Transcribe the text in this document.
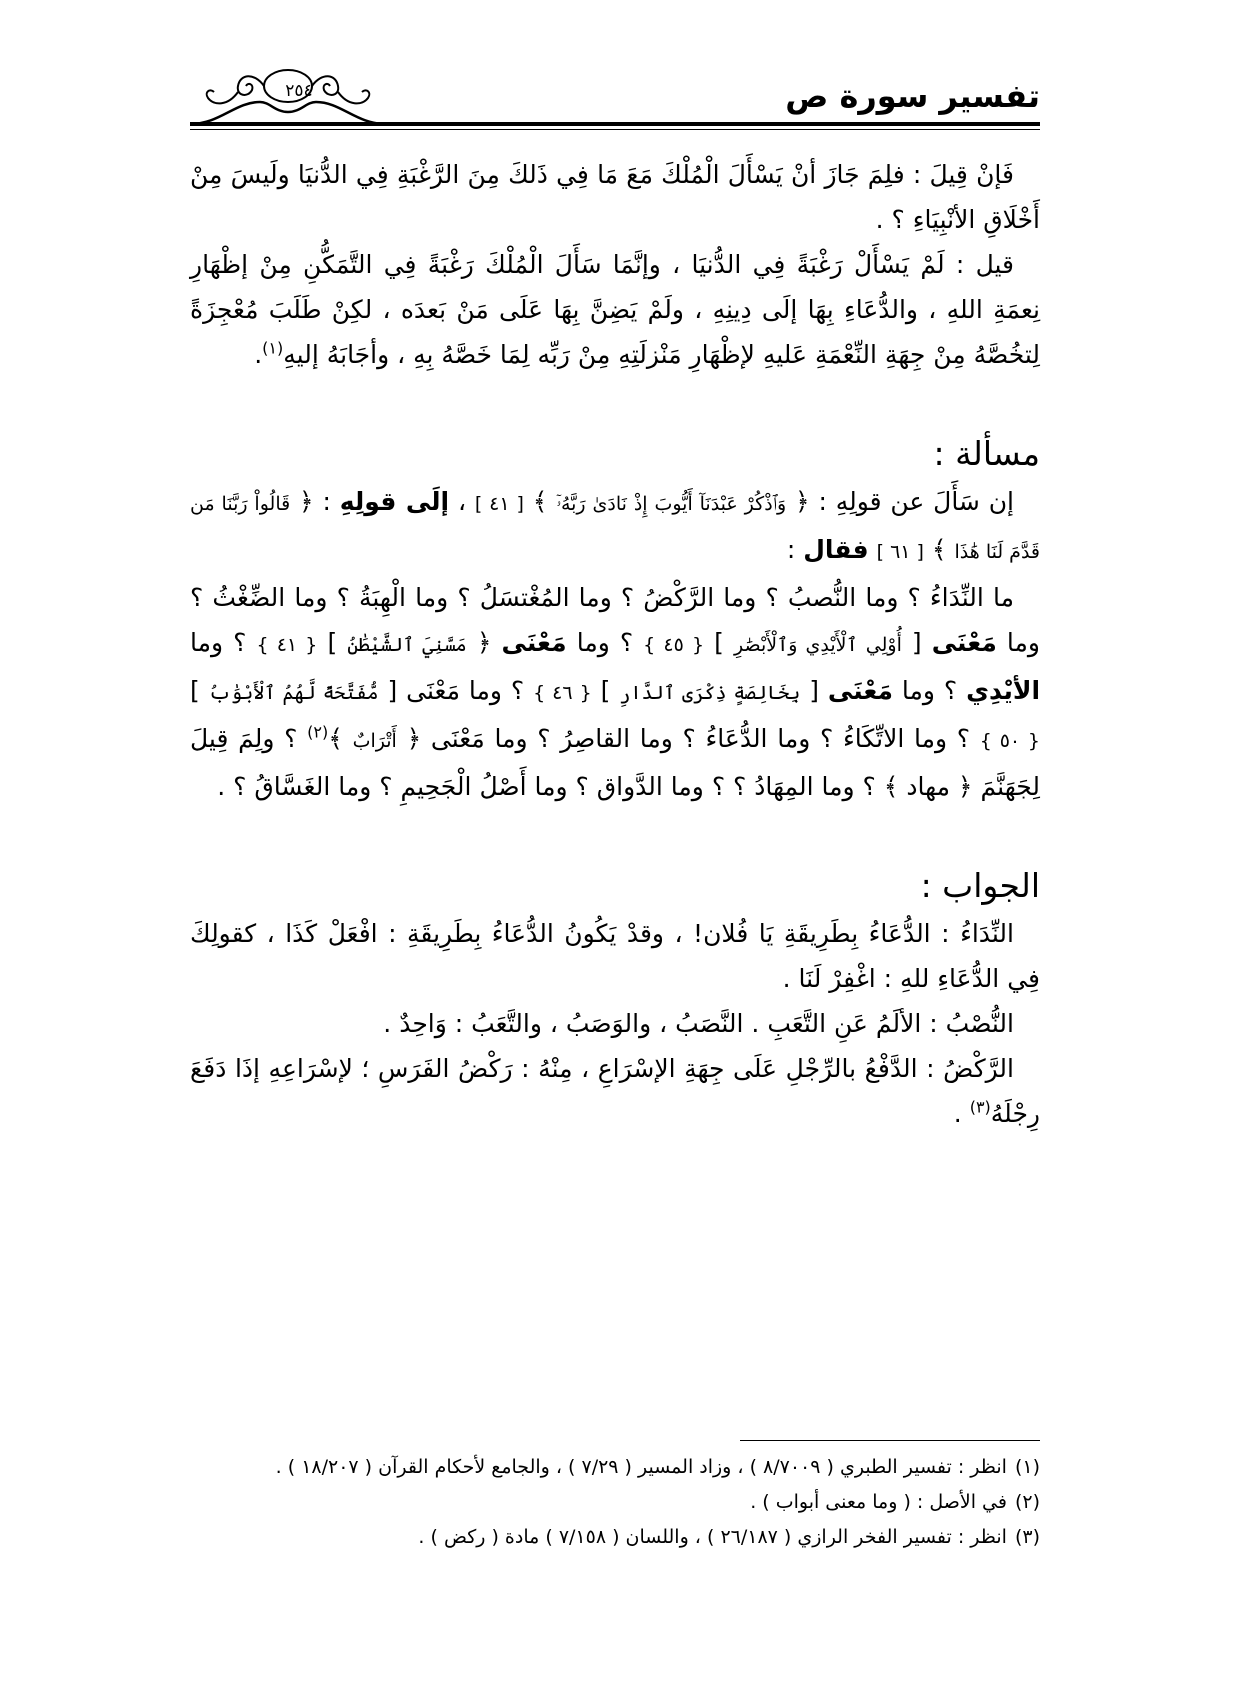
تفسير سورة ص
٢٥٤

فَإنْ قِيلَ : فلِمَ جَازَ أنْ يَسْأَلَ الْمُلْكَ مَعَ مَا فِي ذَلكَ مِنَ الرَّغْبَةِ فِي الدُّنيَا ولَيسَ مِنْ أَخْلَاقِ الأنْبِيَاءِ ؟ .

قيل : لَمْ يَسْأَلْ رَغْبَةً فِي الدُّنيَا ، وإنَّمَا سَأَلَ الْمُلْكَ رَغْبَةً فِي التَّمَكُّنِ مِنْ إظْهَارِ نِعمَةِ اللهِ ، والدُّعَاءِ بِهَا إلَى دِينِهِ ، ولَمْ يَضِنَّ بِهَا عَلَى مَنْ بَعدَه ، لكِنْ طَلَبَ مُعْجِزَةً لِتخُصَّهُ مِنْ جِهَةِ النِّعْمَةِ عَليهِ لإظْهَارِ مَنْزلَتِهِ مِنْ رَبِّه لِمَا خَصَّهُ بِهِ ، وأجَابَهُ إليهِ$^{(١)}$.

مسألة :

إن سَأَلَ عن قولِهِ : ﴿ وَٱذْكُرْ عَبْدَنَآ أَيُّوبَ إِذْ نَادَىٰ رَبَّهُۥٓ ﴾ [ ٤١ ] ، إلَى قولِهِ : ﴿ قَالُواْ رَبَّنَا مَن قَدَّمَ لَنَا هَٰذَا ﴾ [ ٦١ ] فقال :

ما النِّدَاءُ ؟ وما النُّصبُ ؟ وما الرَّكْضُ ؟ وما المُغْتسَلُ ؟ وما الْهِبَةُ ؟ وما الضِّغْثُ ؟ وما مَعْنَى [ أُوْلِي ٱلْأَيْدِي وَٱلْأَبْصَٰرِ ] { ٤٥ } ؟ وما مَعْنَى ﴿ مَسَّنِيَ ٱلشَّيْطَٰنُ ] { ٤١ } ؟ وما الأيْدِي ؟ وما مَعْنَى [ بِخَالِصَةٍ ذِكْرَى ٱلدَّارِ ] { ٤٦ } ؟ وما مَعْنَى [ مُّفَتَّحَةً لَّهُمُ ٱلْأَبْوَٰبُ ] { ٥٠ } ؟ وما الاتِّكَاءُ ؟ وما الدُّعَاءُ ؟ وما القاصِرُ ؟ وما مَعْنَى ﴿ أَتْرَابٌ ﴾$^{(٢)}$ ؟ ولِمَ قِيلَ لِجَهَنَّمَ ﴿ مهاد ﴾ ؟ وما المِهَادُ ؟ ؟ وما الدَّواق ؟ وما أَصْلُ الْجَحِيمِ ؟ وما الغَسَّاقُ ؟ .

الجواب :

النِّدَاءُ : الدُّعَاءُ بِطَرِيقَةِ يَا فُلان! ، وقدْ يَكُونُ الدُّعَاءُ بِطَرِيقَةِ : افْعَلْ كَذَا ، كقولِكَ فِي الدُّعَاءِ للهِ : اغْفِرْ لَنَا .

النُّصْبُ : الألَمُ عَنِ التَّعَبِ . النَّصَبُ ، والوَصَبُ ، والتَّعَبُ : وَاحِدٌ .

الرَّكْضُ : الدَّفْعُ بالرِّجْلِ عَلَى جِهَةِ الإسْرَاعِ ، مِنْهُ : رَكْضُ الفَرَسِ ؛ لإسْرَاعِهِ إذَا دَفَعَ رِجْلَهُ$^{(٣)}$ .

(١)انظر : تفسير الطبري ( ٨/٧٠٠٩ ) ، وزاد المسير ( ٧/٢٩ ) ، والجامع لأحكام القرآن ( ١٨/٢٠٧ ) .

(٢)في الأصل : ( وما معنى أبواب ) .

(٣)انظر : تفسير الفخر الرازي ( ٢٦/١٨٧ ) ، واللسان ( ٧/١٥٨ ) مادة ( ركض ) .
